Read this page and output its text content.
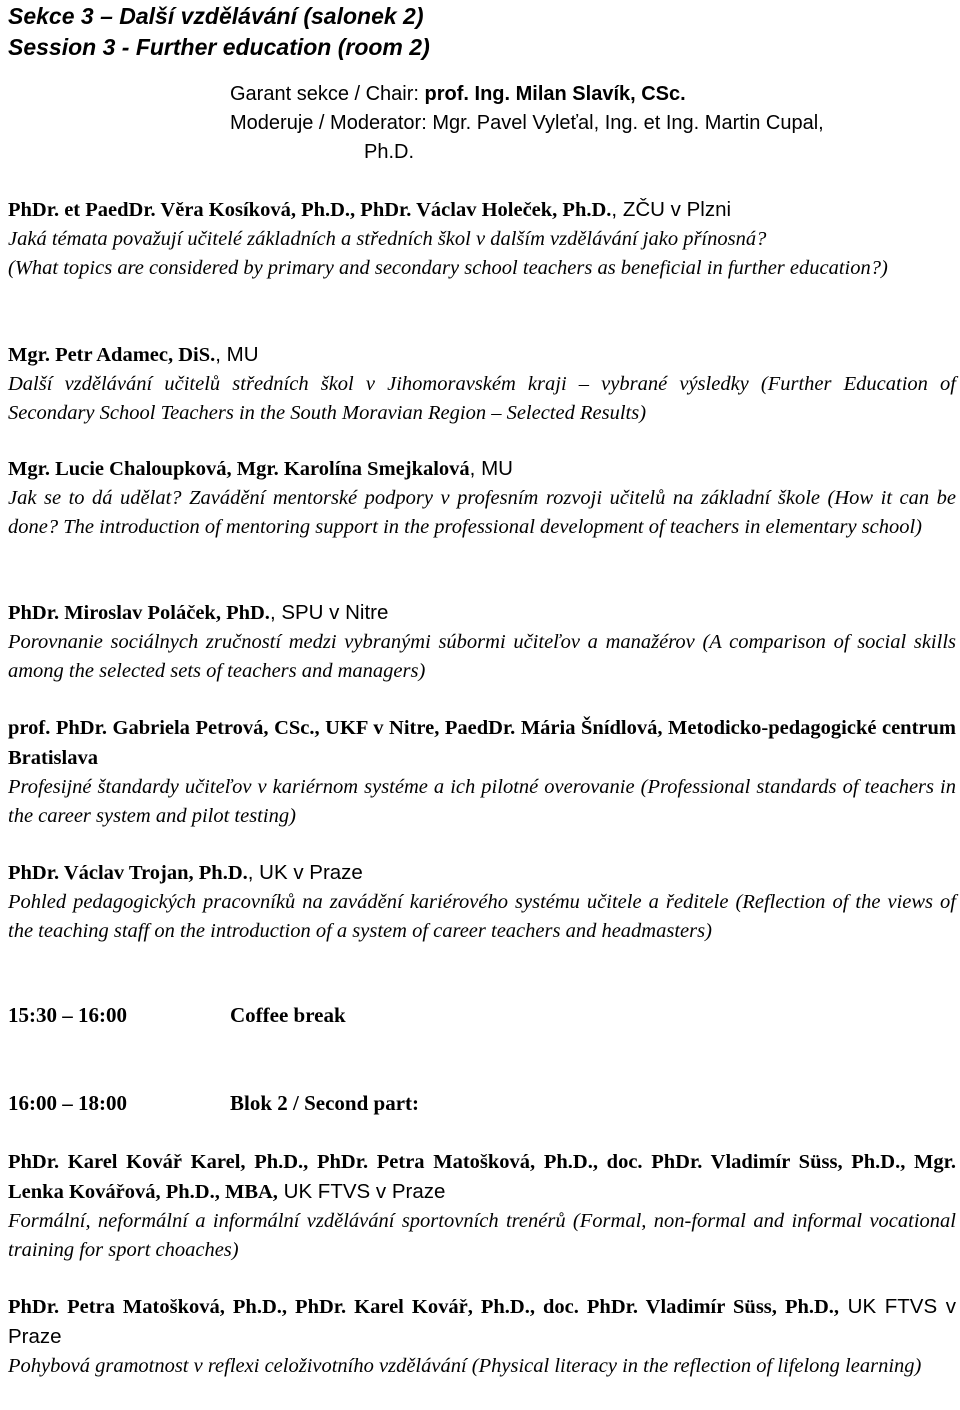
Sekce 3 – Další vzdělávání (salonek 2)
Session 3 - Further education (room 2)
Garant sekce / Chair: prof. Ing. Milan Slavík, CSc.
Moderuje / Moderator: Mgr. Pavel Vyleťal, Ing. et Ing. Martin Cupal,
Ph.D.
PhDr. et PaedDr. Věra Kosíková, Ph.D., PhDr. Václav Holeček, Ph.D., ZČU v Plzni
Jaká témata považují učitelé základních a středních škol v dalším vzdělávání jako přínosná?
(What topics are considered by primary and secondary school teachers as beneficial in further education?)
Mgr. Petr Adamec, DiS., MU
Další vzdělávání učitelů středních škol v Jihomoravském kraji – vybrané výsledky (Further Education of Secondary School Teachers in the South Moravian Region – Selected Results)
Mgr. Lucie Chaloupková, Mgr. Karolína Smejkalová, MU
Jak se to dá udělat? Zavádění mentorské podpory v profesním rozvoji učitelů na základní škole (How it can be done? The introduction of mentoring support in the professional development of teachers in elementary school)
PhDr. Miroslav Poláček, PhD., SPU v Nitre
Porovnanie sociálnych zručností medzi vybranými súbormi učiteľov a manažérov (A comparison of social skills among the selected sets of teachers and managers)
prof. PhDr. Gabriela Petrová, CSc., UKF v Nitre, PaedDr. Mária Šnídlová, Metodicko-pedagogické centrum Bratislava
Profesijné štandardy učiteľov v kariérnom systéme a ich pilotné overovanie (Professional standards of teachers in the career system and pilot testing)
PhDr. Václav Trojan, Ph.D., UK v Praze
Pohled pedagogických pracovníků na zavádění kariérového systému učitele a ředitele (Reflection of the views of the teaching staff on the introduction of a system of career teachers and headmasters)
15:30 – 16:00	Coffee break
16:00 – 18:00	Blok 2 / Second part:
PhDr. Karel Kovář Karel, Ph.D., PhDr. Petra Matošková, Ph.D., doc. PhDr. Vladimír Süss, Ph.D., Mgr. Lenka Kovářová, Ph.D., MBA, UK FTVS v Praze
Formální, neformální a informální vzdělávání sportovních trenérů (Formal, non-formal and informal vocational training for sport choaches)
PhDr. Petra Matošková, Ph.D., PhDr. Karel Kovář, Ph.D., doc. PhDr. Vladimír Süss, Ph.D., UK FTVS v Praze
Pohybová gramotnost v reflexi celoživotního vzdělávání (Physical literacy in the reflection of lifelong learning)
